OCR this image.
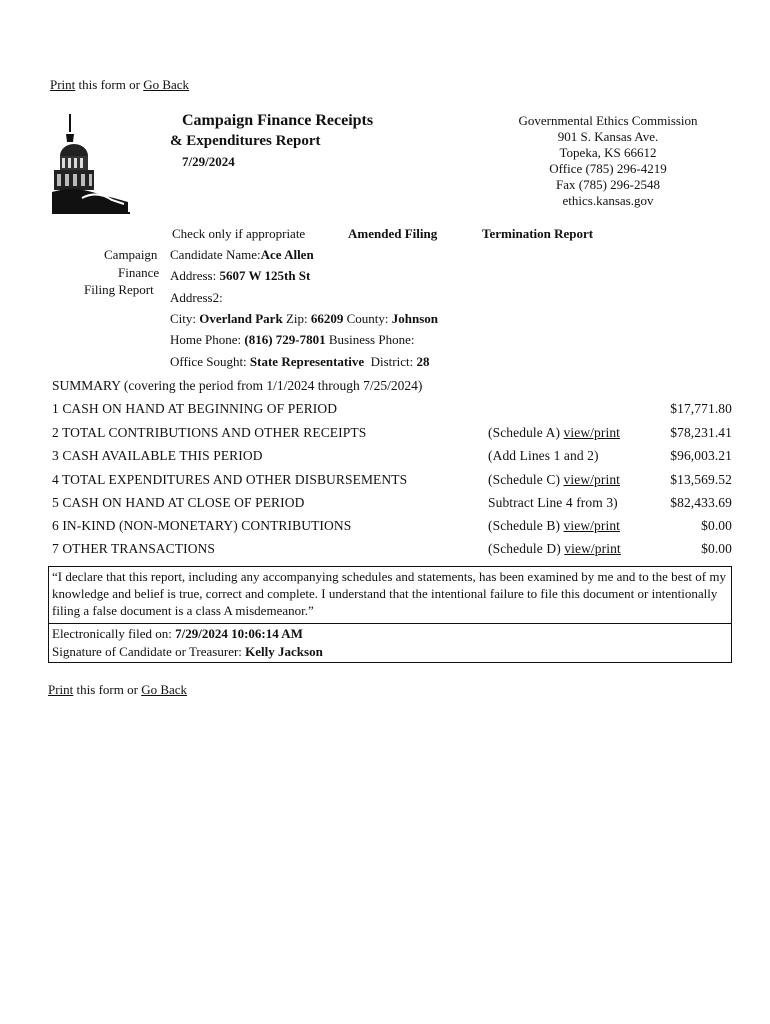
Print this form or Go Back
Campaign Finance Receipts
& Expenditures Report
7/29/2024
Governmental Ethics Commission
901 S. Kansas Ave.
Topeka, KS 66612
Office (785) 296-4219
Fax (785) 296-2548
ethics.kansas.gov
Check only if appropriate	Amended Filing	Termination Report
Campaign
Finance
Filing Report
Candidate Name:Ace Allen
Address: 5607 W 125th St
Address2:
City: Overland Park Zip: 66209 County: Johnson
Home Phone: (816) 729-7801 Business Phone:
Office Sought: State Representative District: 28
SUMMARY (covering the period from 1/1/2024 through 7/25/2024)
1 CASH ON HAND AT BEGINNING OF PERIOD	$17,771.80
2 TOTAL CONTRIBUTIONS AND OTHER RECEIPTS	(Schedule A) view/print	$78,231.41
3 CASH AVAILABLE THIS PERIOD	(Add Lines 1 and 2)	$96,003.21
4 TOTAL EXPENDITURES AND OTHER DISBURSEMENTS	(Schedule C) view/print	$13,569.52
5 CASH ON HAND AT CLOSE OF PERIOD	Subtract Line 4 from 3)	$82,433.69
6 IN-KIND (NON-MONETARY) CONTRIBUTIONS	(Schedule B) view/print	$0.00
7 OTHER TRANSACTIONS	(Schedule D) view/print	$0.00
“I declare that this report, including any accompanying schedules and statements, has been examined by me and to the best of my knowledge and belief is true, correct and complete. I understand that the intentional failure to file this document or intentionally filing a false document is a class A misdemeanor.”
Electronically filed on: 7/29/2024 10:06:14 AM
Signature of Candidate or Treasurer: Kelly Jackson
Print this form or Go Back
